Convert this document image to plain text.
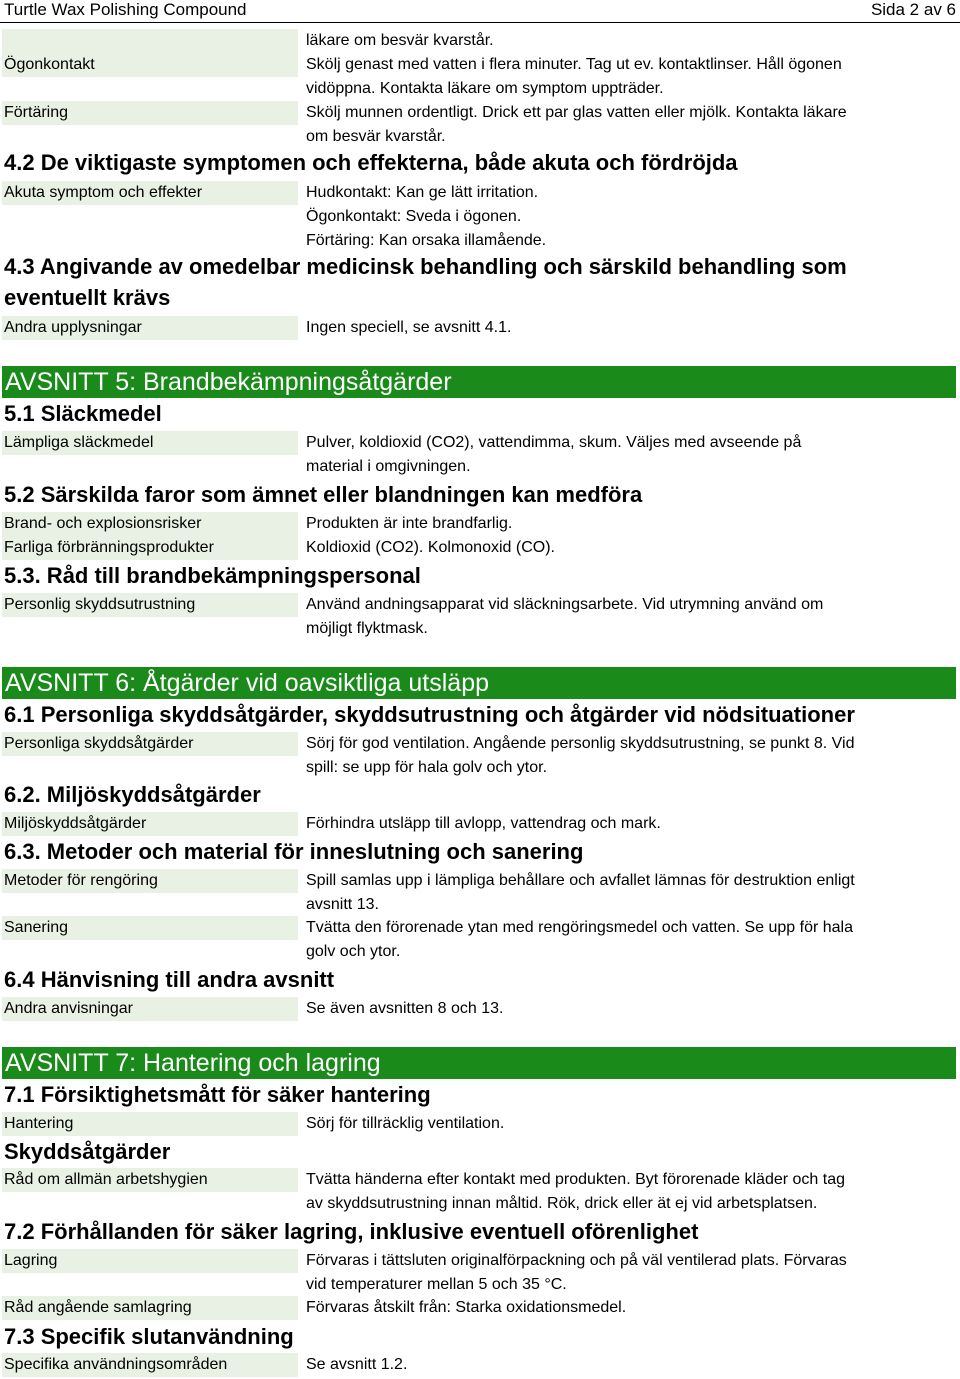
Turtle Wax Polishing Compound	Sida 2 av 6

läkare om besvär kvarstår.
Ögonkontakt	Skölj genast med vatten i flera minuter. Tag ut ev. kontaktlinser. Håll ögonen
vidöppna. Kontakta läkare om symptom uppträder.
Förtäring	Skölj munnen ordentligt. Drick ett par glas vatten eller mjölk. Kontakta läkare
om besvär kvarstår.
4.2 De viktigaste symptomen och effekterna, både akuta och fördröjda
Akuta symptom och effekter	Hudkontakt: Kan ge lätt irritation.
Ögonkontakt: Sveda i ögonen.
Förtäring: Kan orsaka illamående.
4.3 Angivande av omedelbar medicinsk behandling och särskild behandling som
eventuellt krävs
Andra upplysningar	Ingen speciell, se avsnitt 4.1.
AVSNITT 5: Brandbekämpningsåtgärder
5.1 Släckmedel
Lämpliga släckmedel	Pulver, koldioxid (CO2), vattendimma, skum. Väljes med avseende på
material i omgivningen.
5.2 Särskilda faror som ämnet eller blandningen kan medföra
Brand- och explosionsrisker	Produkten är inte brandfarlig.
Farliga förbränningsprodukter	Koldioxid (CO2). Kolmonoxid (CO).
5.3. Råd till brandbekämpningspersonal
Personlig skyddsutrustning	Använd andningsapparat vid släckningsarbete. Vid utrymning använd om
möjligt flyktmask.
AVSNITT 6: Åtgärder vid oavsiktliga utsläpp
6.1 Personliga skyddsåtgärder, skyddsutrustning och åtgärder vid nödsituationer
Personliga skyddsåtgärder	Sörj för god ventilation. Angående personlig skyddsutrustning, se punkt 8. Vid
spill: se upp för hala golv och ytor.
6.2. Miljöskyddsåtgärder
Miljöskyddsåtgärder	Förhindra utsläpp till avlopp, vattendrag och mark.
6.3. Metoder och material för inneslutning och sanering
Metoder för rengöring	Spill samlas upp i lämpliga behållare och avfallet lämnas för destruktion enligt
avsnitt 13.
Sanering	Tvätta den förorenade ytan med rengöringsmedel och vatten. Se upp för hala
golv och ytor.
6.4 Hänvisning till andra avsnitt
Andra anvisningar	Se även avsnitten 8 och 13.
AVSNITT 7: Hantering och lagring
7.1 Försiktighetsmått för säker hantering
Hantering	Sörj för tillräcklig ventilation.
Skyddsåtgärder
Råd om allmän arbetshygien	Tvätta händerna efter kontakt med produkten. Byt förorenade kläder och tag
av skyddsutrustning innan måltid. Rök, drick eller ät ej vid arbetsplatsen.
7.2 Förhållanden för säker lagring, inklusive eventuell oförenlighet
Lagring	Förvaras i tättsluten originalförpackning och på väl ventilerad plats. Förvaras
vid temperaturer mellan 5 och 35 °C.
Råd angående samlagring	Förvaras åtskilt från: Starka oxidationsmedel.
7.3 Specifik slutanvändning
Specifika användningsområden	Se avsnitt 1.2.
